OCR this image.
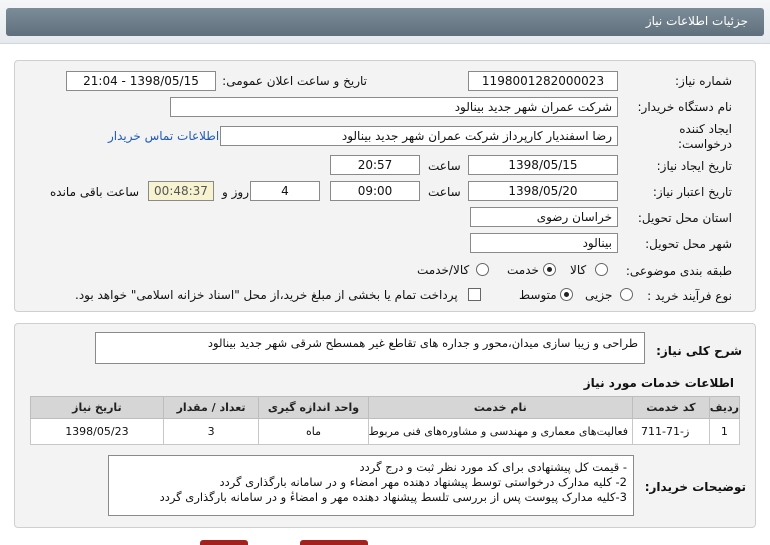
جزئیات اطلاعات نیاز
شماره نیاز:
1198001282000023
تاریخ و ساعت اعلان عمومی:
1398/05/15 - 21:04
نام دستگاه خریدار:
شرکت عمران شهر جدید بینالود
ایجاد کننده
درخواست:
رضا اسفندیار کارپرداز شرکت عمران شهر جدید بینالود
اطلاعات تماس خریدار
تاریخ ایجاد نیاز:
1398/05/15
ساعت
20:57
تاریخ اعتبار نیاز:
1398/05/20
ساعت
09:00
4
روز و
00:48:37
ساعت باقی مانده
استان محل تحویل:
خراسان رضوی
شهر محل تحویل:
بینالود
طبقه بندی موضوعی:
کالا
خدمت
کالا/خدمت
نوع فرآیند خرید :
جزیی
متوسط
پرداخت تمام یا بخشی از مبلغ خرید،از محل "اسناد خزانه اسلامی" خواهد بود.
شرح کلی نیاز:
طراحی و زیبا سازی میدان،محور و جداره های تقاطع غیر همسطح شرقی شهر جدید بینالود
اطلاعات خدمات مورد نیاز
ردیف	کد خدمت	نام خدمت	واحد اندازه گیری	تعداد / مقدار	تاریخ نیاز
1	ز-71-711	فعالیت‌های معماری و مهندسی و مشاوره‌های فنی مربوط	ماه	3	1398/05/23
توضیحات خریدار:
- قیمت کل پیشنهادی برای کد مورد نظر ثبت و درج گردد
2- کلیه مدارک درخواستی توسط پیشنهاد دهنده مهر امضاء و در سامانه بارگذاری گردد
3-کلیه مدارک پیوست پس از بررسی تلسط پیشنهاد دهنده مهر و امضاءٔ و در سامانه بارگذاری گردد
